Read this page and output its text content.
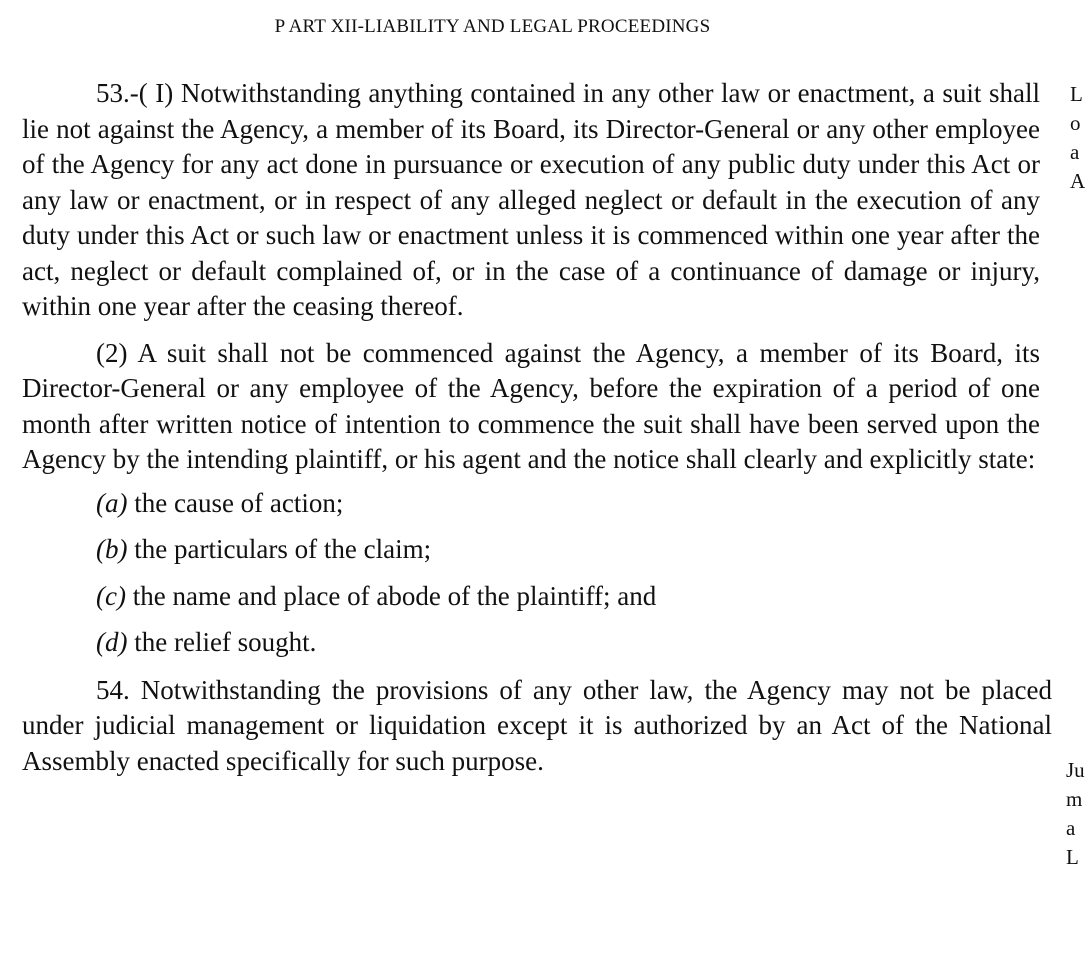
P ART XII-LIABILITY AND LEGAL PROCEEDINGS

53.-( I) Notwithstanding anything contained in any other law or enactment, a suit shall lie not against the Agency, a member of its Board, its Director-General or any other employee of the Agency for any act done in pursuance or execution of any public duty under this Act or any law or enactment, or in respect of any alleged neglect or default in the execution of any duty under this Act or such law or enactment unless it is commenced within one year after the act, neglect or default complained of, or in the case of a continuance of damage or injury, within one year after the ceasing thereof.

(2) A suit shall not be commenced against the Agency, a member of its Board, its Director-General or any employee of the Agency, before the expiration of a period of one month after written notice of intention to commence the suit shall have been served upon the Agency by the intending plaintiff, or his agent and the notice shall clearly and explicitly state:

(a) the cause of action;

(b) the particulars of the claim;

(c) the name and place of abode of the plaintiff; and

(d) the relief sought.

54. Notwithstanding the provisions of any other law, the Agency may not be placed under judicial management or liquidation except it is authorized by an Act of the National Assembly enacted specifically for such purpose.

L
o
a
A
Ju
m
a
L
